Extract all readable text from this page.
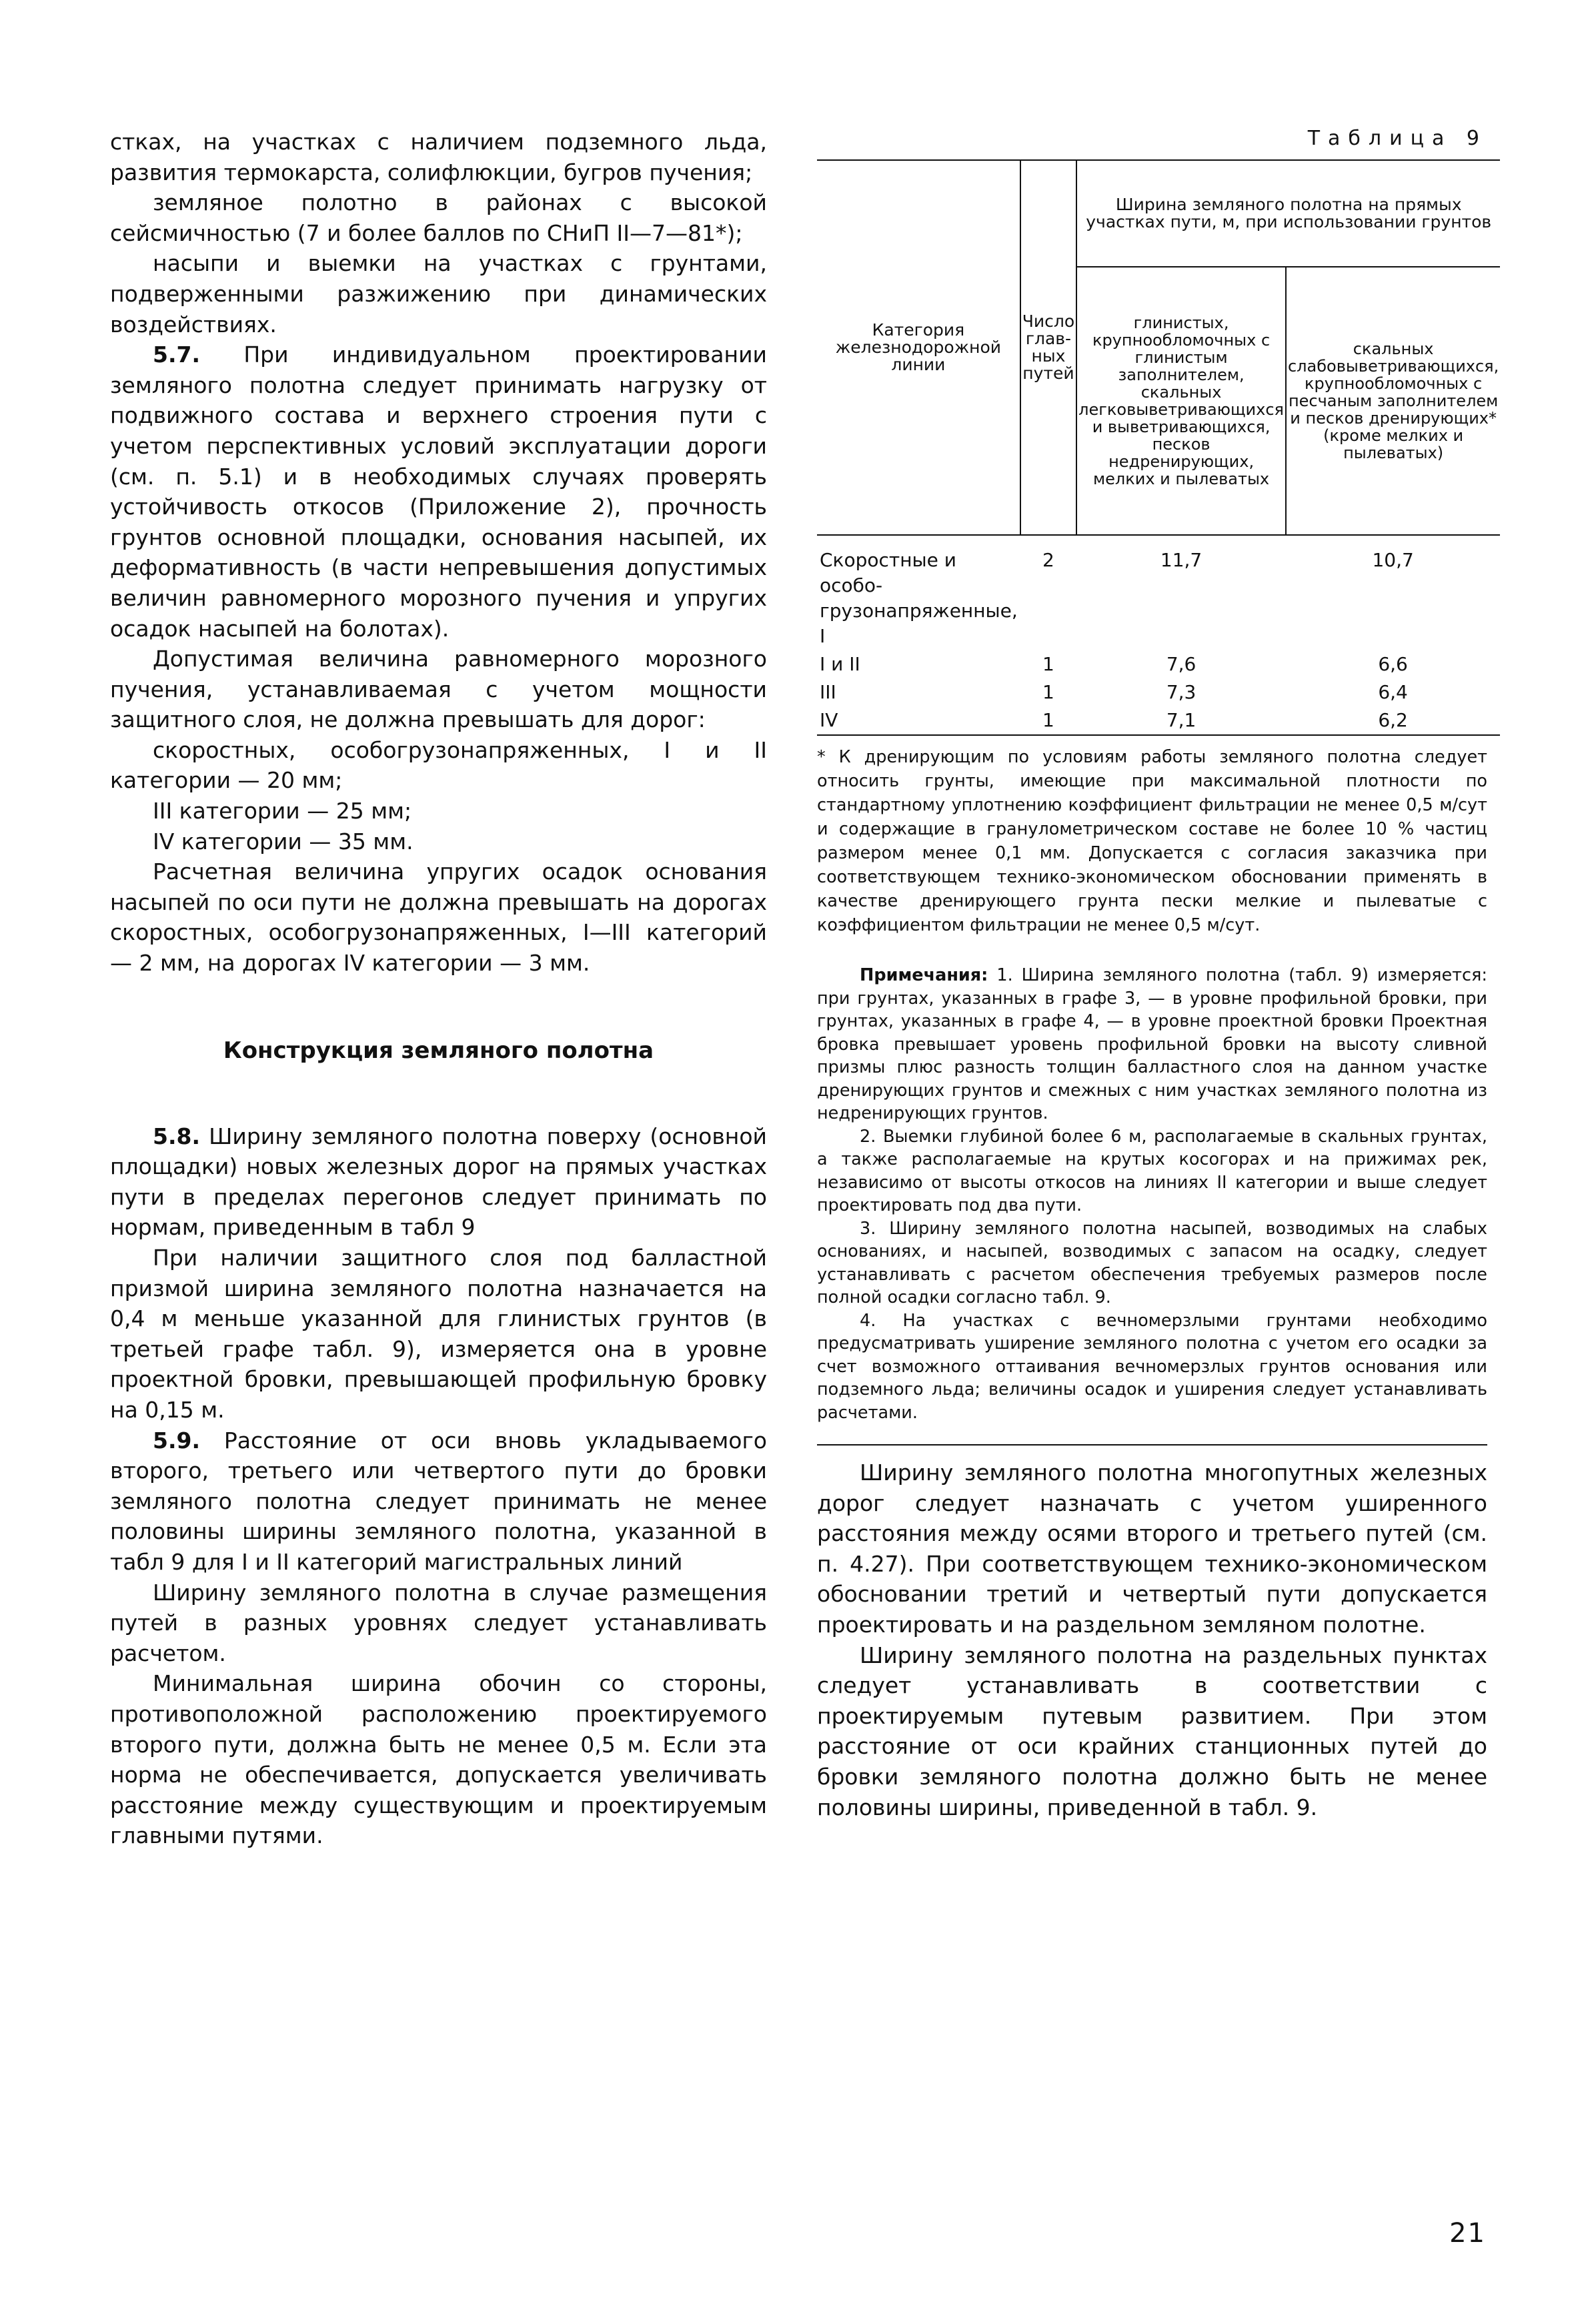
стках, на участках с наличием подземного льда, развития термокарста, солифлюкции, бугров пучения;

земляное полотно в районах с высокой сейсмичностью (7 и более баллов по СНиП II—7—81*);

насыпи и выемки на участках с грунтами, подверженными разжижению при динамических воздействиях.

5.7. При индивидуальном проектировании земляного полотна следует принимать нагрузку от подвижного состава и верхнего строения пути с учетом перспективных условий эксплуатации дороги (см. п. 5.1) и в необходимых случаях проверять устойчивость откосов (Приложение 2), прочность грунтов основной площадки, основания насыпей, их деформативность (в части непревышения допустимых величин равномерного морозного пучения и упругих осадок насыпей на болотах).

Допустимая величина равномерного морозного пучения, устанавливаемая с учетом мощности защитного слоя, не должна превышать для дорог:

скоростных, особогрузонапряженных, I и II категории — 20 мм;

III категории — 25 мм;

IV категории — 35 мм.

Расчетная величина упругих осадок основания насыпей по оси пути не должна превышать на дорогах скоростных, особогрузонапряженных, I—III категорий — 2 мм, на дорогах IV категории — 3 мм.

Конструкция земляного полотна

5.8. Ширину земляного полотна поверху (основной площадки) новых железных дорог на прямых участках пути в пределах перегонов следует принимать по нормам, приведенным в табл 9

При наличии защитного слоя под балластной призмой ширина земляного полотна назначается на 0,4 м меньше указанной для глинистых грунтов (в третьей графе табл. 9), измеряется она в уровне проектной бровки, превышающей профильную бровку на 0,15 м.

5.9. Расстояние от оси вновь укладываемого второго, третьего или четвертого пути до бровки земляного полотна следует принимать не менее половины ширины земляного полотна, указанной в табл 9 для I и II категорий магистральных линий

Ширину земляного полотна в случае размещения путей в разных уровнях следует устанавливать расчетом.

Минимальная ширина обочин со стороны, противоположной расположению проектируемого второго пути, должна быть не менее 0,5 м. Если эта норма не обеспечивается, допускается увеличивать расстояние между существующим и проектируемым главными путями.

Таблица 9
Категория железнодорожной линии	Число глав-ных путей	Ширина земляного полотна на прямых участках пути, м, при использовании грунтов	
		глинистых, крупнообломочных с глинистым заполнителем, скальных легковыветривающихся и выветривающихся, песков недренирующих, мелких и пылеватых	скальных слабовыветривающихся, крупнообломочных с песчаным заполнителем и песков дренирующих* (кроме мелких и пылеватых)
Скоростные и особо-грузонапряженные, I	2	11,7	10,7
I и II	1	7,6	6,6
III	1	7,3	6,4
IV	1	7,1	6,2

* К дренирующим по условиям работы земляного полотна следует относить грунты, имеющие при максимальной плотности по стандартному уплотнению коэффициент фильтрации не менее 0,5 м/сут и содержащие в гранулометрическом составе не более 10 % частиц размером менее 0,1 мм. Допускается с согласия заказчика при соответствующем технико-экономическом обосновании применять в качестве дренирующего грунта пески мелкие и пылеватые с коэффициентом фильтрации не менее 0,5 м/сут.

Примечания: 1. Ширина земляного полотна (табл. 9) измеряется: при грунтах, указанных в графе 3, — в уровне профильной бровки, при грунтах, указанных в графе 4, — в уровне проектной бровки Проектная бровка превышает уровень профильной бровки на высоту сливной призмы плюс разность толщин балластного слоя на данном участке дренирующих грунтов и смежных с ним участках земляного полотна из недренирующих грунтов.

2. Выемки глубиной более 6 м, располагаемые в скальных грунтах, а также располагаемые на крутых косогорах и на прижимах рек, независимо от высоты откосов на линиях II категории и выше следует проектировать под два пути.

3. Ширину земляного полотна насыпей, возводимых на слабых основаниях, и насыпей, возводимых с запасом на осадку, следует устанавливать с расчетом обеспечения требуемых размеров после полной осадки согласно табл. 9.

4. На участках с вечномерзлыми грунтами необходимо предусматривать уширение земляного полотна с учетом его осадки за счет возможного оттаивания вечномерзлых грунтов основания или подземного льда; величины осадок и уширения следует устанавливать расчетами.

Ширину земляного полотна многопутных железных дорог следует назначать с учетом уширенного расстояния между осями второго и третьего путей (см. п. 4.27). При соответствующем технико-экономическом обосновании третий и четвертый пути допускается проектировать и на раздельном земляном полотне.

Ширину земляного полотна на раздельных пунктах следует устанавливать в соответствии с проектируемым путевым развитием. При этом расстояние от оси крайних станционных путей до бровки земляного полотна должно быть не менее половины ширины, приведенной в табл. 9.

21
